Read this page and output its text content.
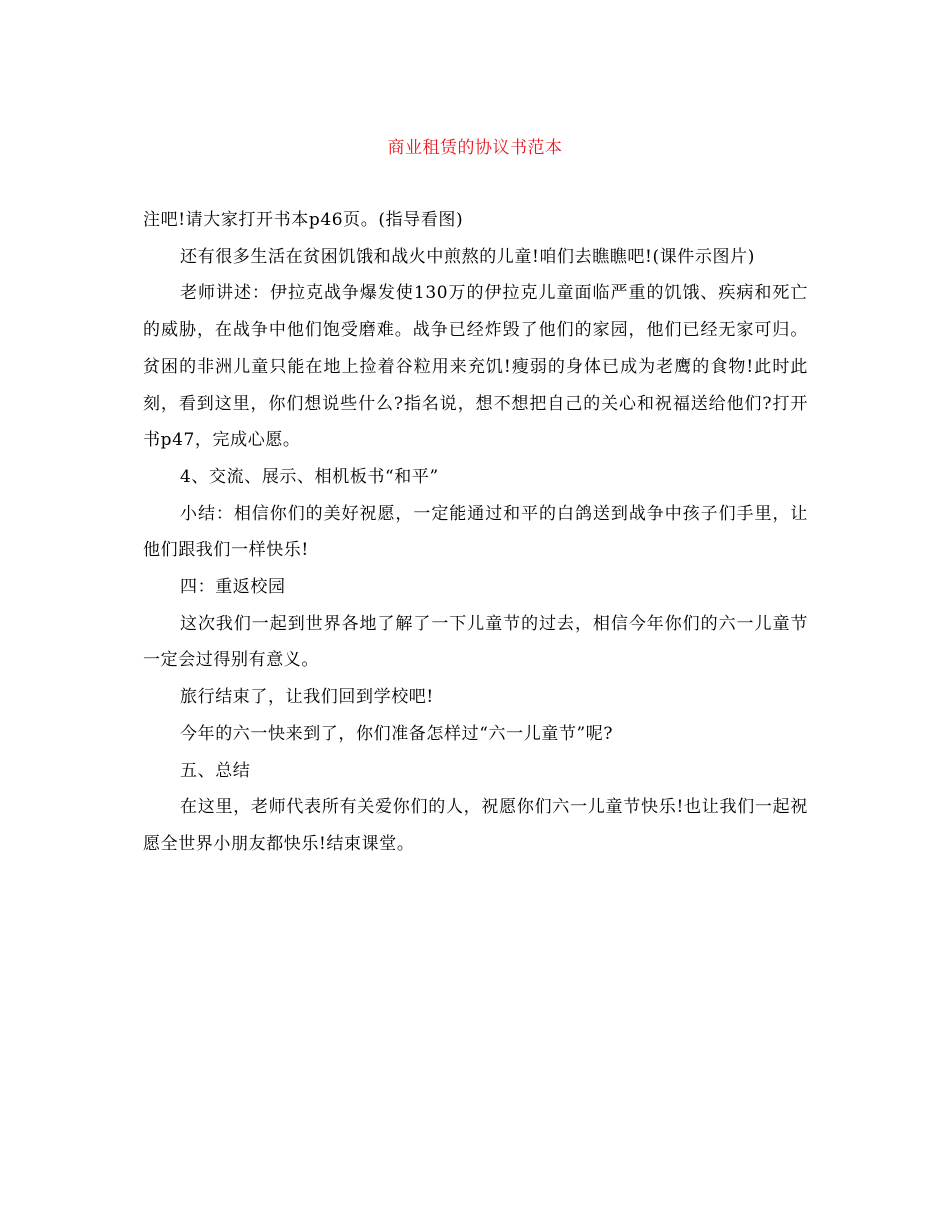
商业租赁的协议书范本

注吧!请大家打开书本p46页。(指导看图)

还有很多生活在贫困饥饿和战火中煎熬的儿童!咱们去瞧瞧吧!(课件示图片)

老师讲述：伊拉克战争爆发使130万的伊拉克儿童面临严重的饥饿、疾病和死亡的威胁，在战争中他们饱受磨难。战争已经炸毁了他们的家园，他们已经无家可归。贫困的非洲儿童只能在地上捡着谷粒用来充饥!瘦弱的身体已成为老鹰的食物!此时此刻，看到这里，你们想说些什么?指名说，想不想把自己的关心和祝福送给他们?打开书p47，完成心愿。

4、交流、展示、相机板书“和平”

小结：相信你们的美好祝愿，一定能通过和平的白鸽送到战争中孩子们手里，让他们跟我们一样快乐!

四：重返校园

这次我们一起到世界各地了解了一下儿童节的过去，相信今年你们的六一儿童节一定会过得别有意义。

旅行结束了，让我们回到学校吧!

今年的六一快来到了，你们准备怎样过“六一儿童节”呢?

五、总结

在这里，老师代表所有关爱你们的人，祝愿你们六一儿童节快乐!也让我们一起祝愿全世界小朋友都快乐!结束课堂。
